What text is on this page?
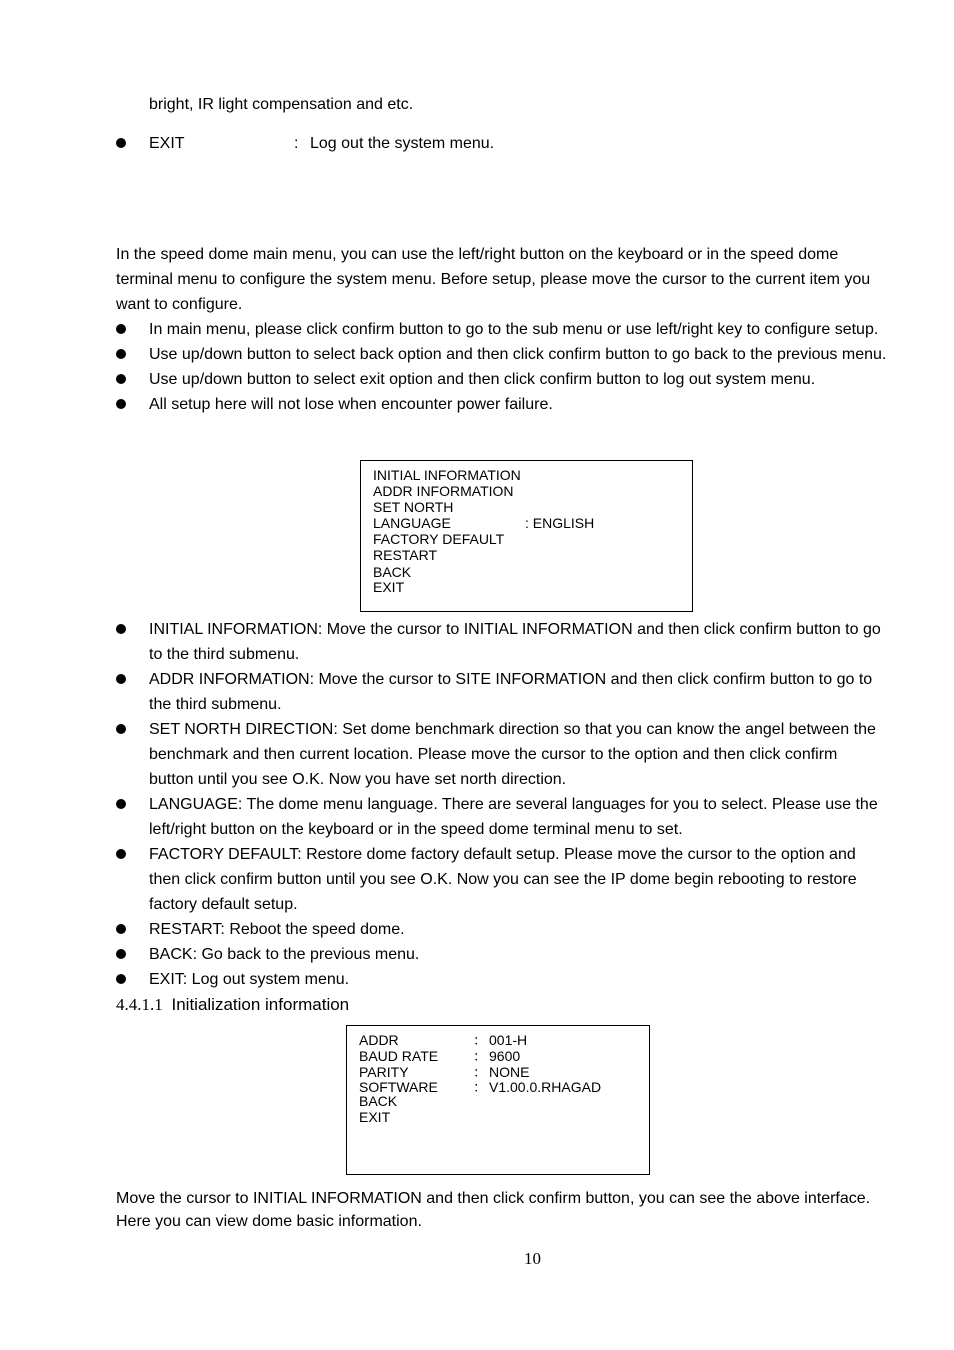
bright, IR light compensation and etc.
EXIT	: Log out the system menu.
In the speed dome main menu, you can use the left/right button on the keyboard or in the speed dome
terminal menu to configure the system menu. Before setup, please move the cursor to the current item you
want to configure.
In main menu, please click confirm button to go to the sub menu or use left/right key to configure setup.
Use up/down button to select back option and then click confirm button to go back to the previous menu.
Use up/down button to select exit option and then click confirm button to log out system menu.
All setup here will not lose when encounter power failure.
INITIAL INFORMATION
ADDR INFORMATION
SET NORTH
LANGUAGE	: ENGLISH
FACTORY DEFAULT
RESTART
BACK
EXIT
INITIAL INFORMATION: Move the cursor to INITIAL INFORMATION and then click confirm button to go
to the third submenu.
ADDR INFORMATION: Move the cursor to SITE INFORMATION and then click confirm button to go to
the third submenu.
SET NORTH DIRECTION: Set dome benchmark direction so that you can know the angel between the
benchmark and then current location. Please move the cursor to the option and then click confirm
button until you see O.K. Now you have set north direction.
LANGUAGE: The dome menu language. There are several languages for you to select. Please use the
left/right button on the keyboard or in the speed dome terminal menu to set.
FACTORY DEFAULT: Restore dome factory default setup. Please move the cursor to the option and
then click confirm button until you see O.K. Now you can see the IP dome begin rebooting to restore
factory default setup.
RESTART: Reboot the speed dome.
BACK: Go back to the previous menu.
EXIT: Log out system menu.
4.4.1.1 Initialization information
ADDR	： 001-H
BAUD RATE ： 9600
PARITY	： NONE
SOFTWARE	： V1.00.0.RHAGAD
BACK
EXIT
Move the cursor to INITIAL INFORMATION and then click confirm button, you can see the above interface.
Here you can view dome basic information.
10
